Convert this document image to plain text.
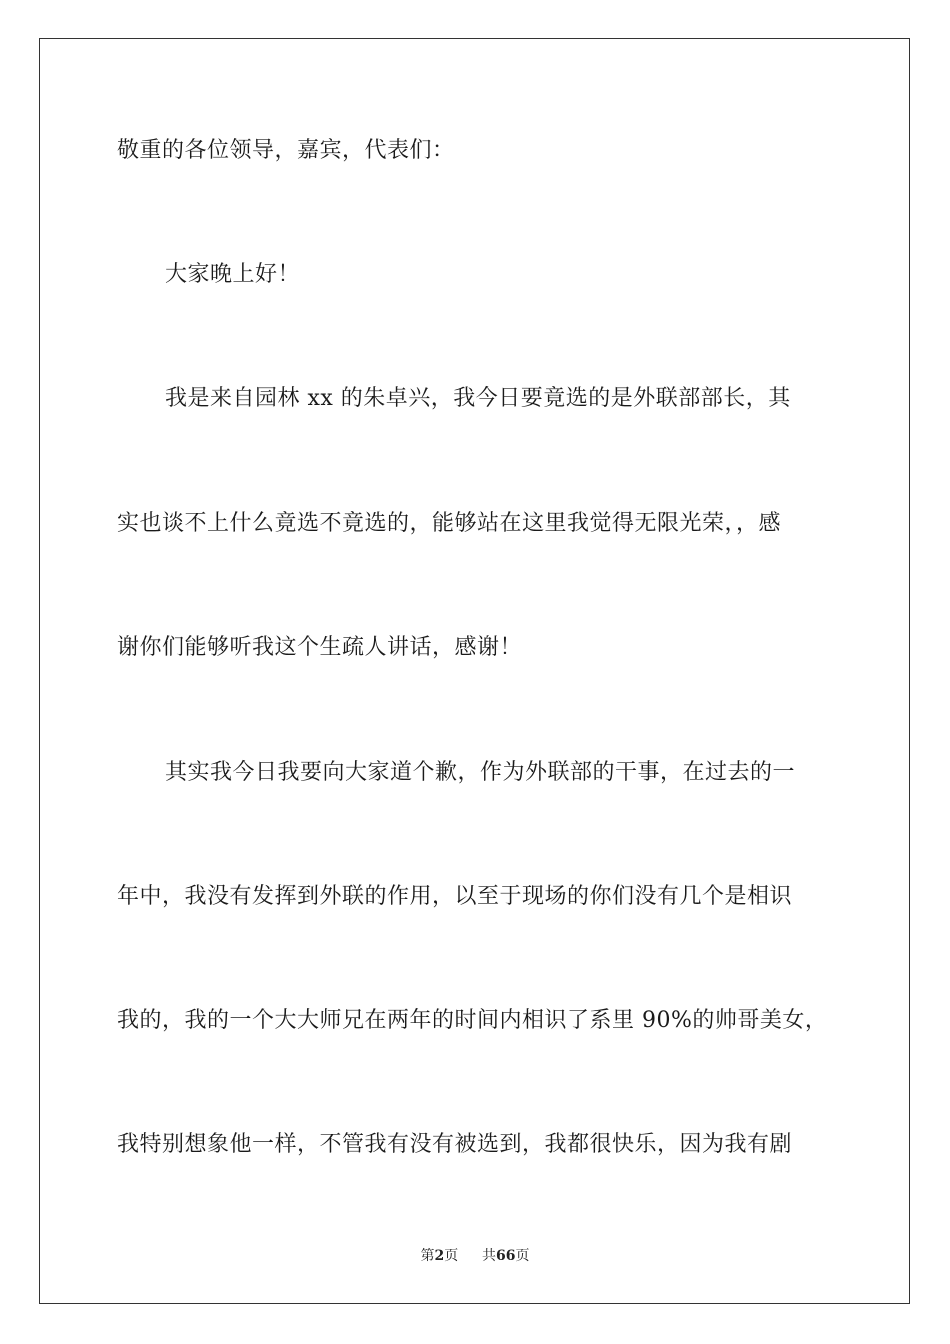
敬重的各位领导，嘉宾，代表们：
大家晚上好！
我是来自园林 xx 的朱卓兴，我今日要竟选的是外联部部长，其
实也谈不上什么竟选不竟选的，能够站在这里我觉得无限光荣，，感
谢你们能够听我这个生疏人讲话，感谢！
其实我今日我要向大家道个歉，作为外联部的干事，在过去的一
年中，我没有发挥到外联的作用，以至于现场的你们没有几个是相识
我的，我的一个大大师兄在两年的时间内相识了系里 90%的帅哥美女，
我特别想象他一样，不管我有没有被选到，我都很快乐，因为我有剧
第2页 共66页
